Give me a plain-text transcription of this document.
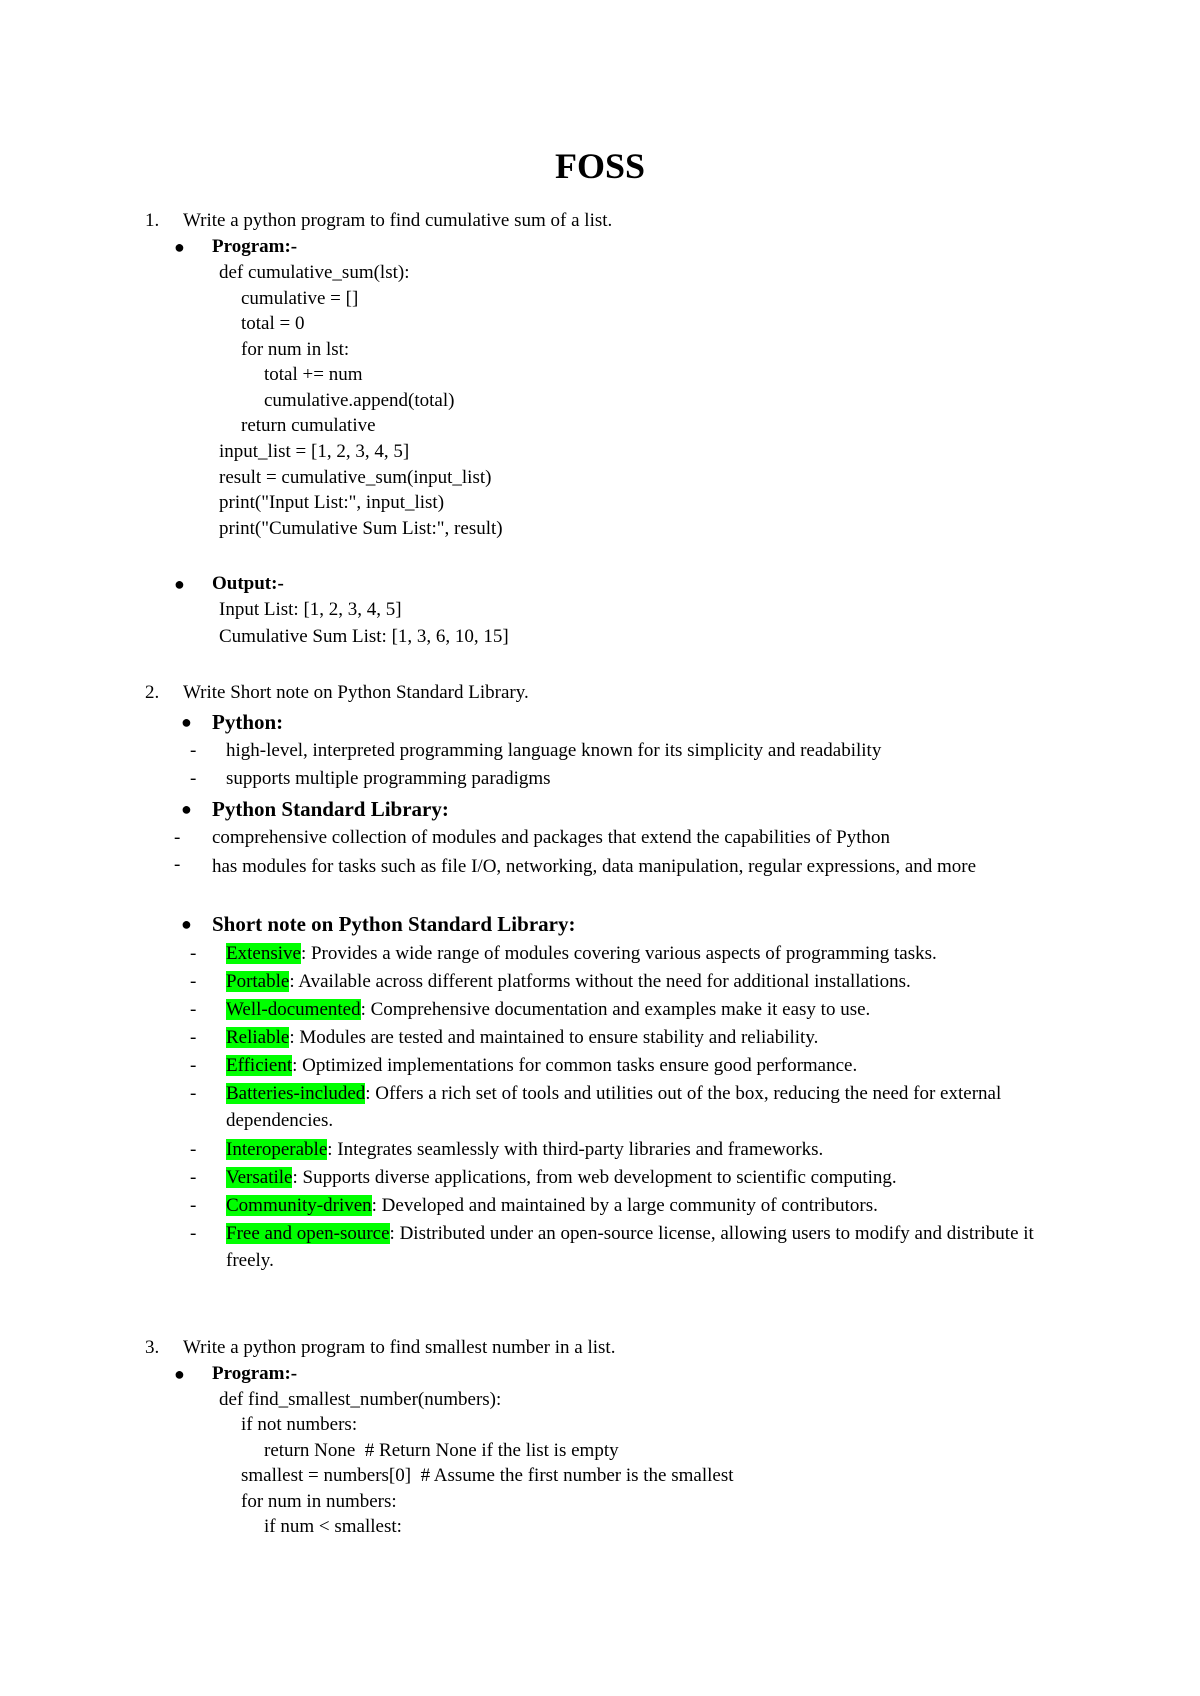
FOSS
1. Write a python program to find cumulative sum of a list.
● Program:-
def cumulative_sum(lst):
cumulative = []
total = 0
for num in lst:
total += num
cumulative.append(total)
return cumulative
input_list = [1, 2, 3, 4, 5]
result = cumulative_sum(input_list)
print("Input List:", input_list)
print("Cumulative Sum List:", result)
● Output:-
Input List: [1, 2, 3, 4, 5]
Cumulative Sum List: [1, 3, 6, 10, 15]
2. Write Short note on Python Standard Library.
● Python:
- high-level, interpreted programming language known for its simplicity and readability
- supports multiple programming paradigms
● Python Standard Library:
- comprehensive collection of modules and packages that extend the capabilities of Python
- has modules for tasks such as file I/O, networking, data manipulation, regular expressions, and more
● Short note on Python Standard Library:
- Extensive: Provides a wide range of modules covering various aspects of programming tasks.
- Portable: Available across different platforms without the need for additional installations.
- Well-documented: Comprehensive documentation and examples make it easy to use.
- Reliable: Modules are tested and maintained to ensure stability and reliability.
- Efficient: Optimized implementations for common tasks ensure good performance.
- Batteries-included: Offers a rich set of tools and utilities out of the box, reducing the need for external dependencies.
- Interoperable: Integrates seamlessly with third-party libraries and frameworks.
- Versatile: Supports diverse applications, from web development to scientific computing.
- Community-driven: Developed and maintained by a large community of contributors.
- Free and open-source: Distributed under an open-source license, allowing users to modify and distribute it freely.
3. Write a python program to find smallest number in a list.
● Program:-
def find_smallest_number(numbers):
if not numbers:
return None  # Return None if the list is empty
smallest = numbers[0]  # Assume the first number is the smallest
for num in numbers:
if num < smallest:
